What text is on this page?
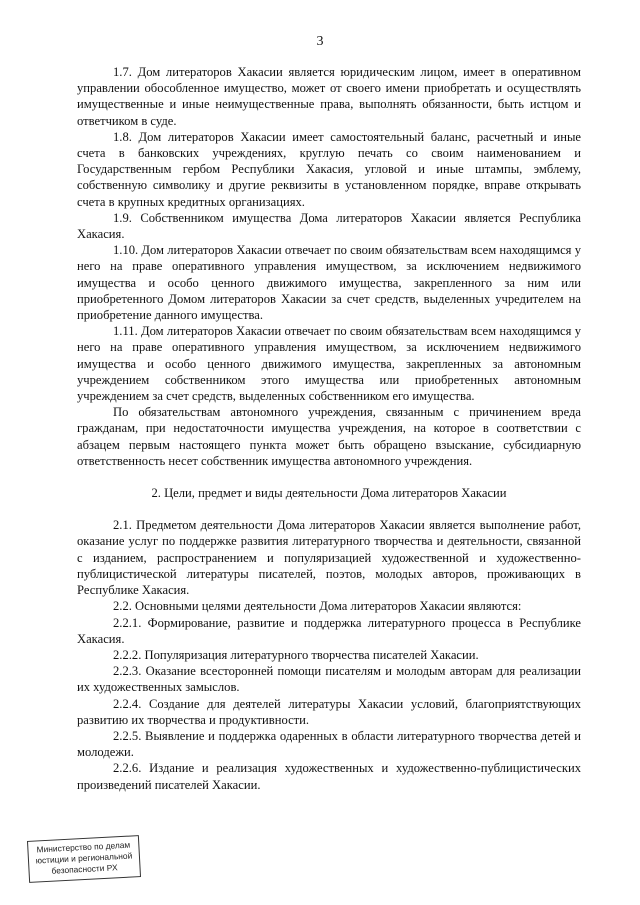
3

1.7. Дом литераторов Хакасии является юридическим лицом, имеет в оперативном управлении обособленное имущество, может от своего имени приобретать и осуществлять имущественные и иные неимущественные права, выполнять обязанности, быть истцом и ответчиком в суде.

1.8. Дом литераторов Хакасии имеет самостоятельный баланс, расчетный и иные счета в банковских учреждениях, круглую печать со своим наименованием и Государственным гербом Республики Хакасия, угловой и иные штампы, эмблему, собственную символику и другие реквизиты в установленном порядке, вправе открывать счета в крупных кредитных организациях.

1.9. Собственником имущества Дома литераторов Хакасии является Республика Хакасия.

1.10. Дом литераторов Хакасии отвечает по своим обязательствам всем находящимся у него на праве оперативного управления имуществом, за исключением недвижимого имущества и особо ценного движимого имущества, закрепленного за ним или приобретенного Домом литераторов Хакасии за счет средств, выделенных учредителем на приобретение данного имущества.

1.11. Дом литераторов Хакасии отвечает по своим обязательствам всем находящимся у него на праве оперативного управления имуществом, за исключением недвижимого имущества и особо ценного движимого имущества, закрепленных за автономным учреждением собственником этого имущества или приобретенных автономным учреждением за счет средств, выделенных собственником его имущества.

По обязательствам автономного учреждения, связанным с причинением вреда гражданам, при недостаточности имущества учреждения, на которое в соответствии с абзацем первым настоящего пункта может быть обращено взыскание, субсидиарную ответственность несет собственник имущества автономного учреждения.

2. Цели, предмет и виды деятельности Дома литераторов Хакасии

2.1. Предметом деятельности Дома литераторов Хакасии является выполнение работ, оказание услуг по поддержке развития литературного творчества и деятельности, связанной с изданием, распространением и популяризацией художественной и художественно-публицистической литературы писателей, поэтов, молодых авторов, проживающих в Республике Хакасия.

2.2. Основными целями деятельности Дома литераторов Хакасии являются:

2.2.1. Формирование, развитие и поддержка литературного процесса в Республике Хакасия.

2.2.2. Популяризация литературного творчества писателей Хакасии.

2.2.3. Оказание всесторонней помощи писателям и молодым авторам для реализации их художественных замыслов.

2.2.4. Создание для деятелей литературы Хакасии условий, благоприятствующих развитию их творчества и продуктивности.

2.2.5. Выявление и поддержка одаренных в области литературного творчества детей и молодежи.

2.2.6. Издание и реализация художественных и художественно-публицистических произведений писателей Хакасии.

Министерство по делам
юстиции и региональной
безопасности РХ
